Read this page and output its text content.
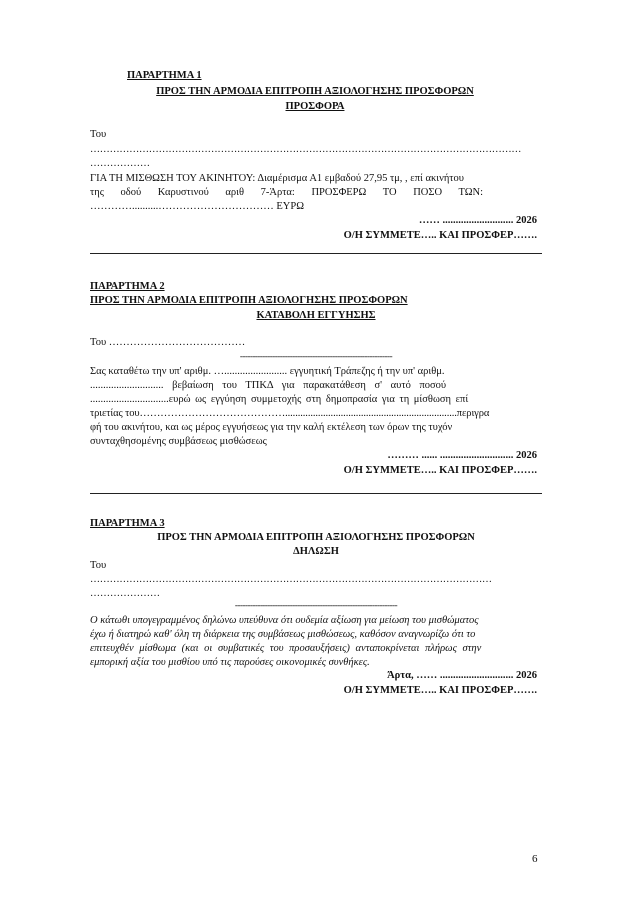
ΠΑΡΑΡΤΗΜΑ 1
ΠΡΟΣ ΤΗΝ ΑΡΜΟΔΙΑ ΕΠΙΤΡΟΠΗ ΑΞΙΟΛΟΓΗΣΗΣ ΠΡΟΣΦΟΡΩΝ
ΠΡΟΣΦΟΡΑ
Του
……………………………………………………………………………………………………………………
………………
ΓΙΑ ΤΗ ΜΙΣΘΩΣΗ ΤΟΥ ΑΚΙΝΗΤΟΥ: Διαμέρισμα Α1 εμβαδού 27,95 τμ, , επί ακινήτου
της οδού Καρυστινού αριθ 7-Άρτα: ΠΡΟΣΦΕΡΩ ΤΟ ΠΟΣΟ ΤΩΝ:
…………..........…………………………… ΕΥΡΩ
…… ........................... 2026
Ο/Η ΣΥΜΜΕΤΕ….. ΚΑΙ ΠΡΟΣΦΕΡ…….
ΠΑΡΑΡΤΗΜΑ 2
ΠΡΟΣ ΤΗΝ ΑΡΜΟΔΙΑ ΕΠΙΤΡΟΠΗ ΑΞΙΟΛΟΓΗΣΗΣ ΠΡΟΣΦΟΡΩΝ
ΚΑΤΑΒΟΛΗ ΕΓΓΥΗΣΗΣ
Του …………………………………
-------------------------------------------------------------
Σας καταθέτω την υπ' αριθμ. …........................ εγγυητική Τράπεζης ή την υπ' αριθμ.
............................ βεβαίωση του ΤΠΚΔ για παρακατάθεση σ' αυτό ποσού
..............................ευρώ ως εγγύηση συμμετοχής στη δημοπρασία για τη μίσθωση επί
τριετίας του……………………………………....................................................................περιγρα
φή του ακινήτου, και ως μέρος εγγυήσεως για την καλή εκτέλεση των όρων της τυχόν
συνταχθησομένης συμβάσεως μισθώσεως
……… ...... ............................ 2026
Ο/Η ΣΥΜΜΕΤΕ….. ΚΑΙ ΠΡΟΣΦΕΡ…….
ΠΑΡΑΡΤΗΜΑ 3
ΠΡΟΣ ΤΗΝ ΑΡΜΟΔΙΑ ΕΠΙΤΡΟΠΗ ΑΞΙΟΛΟΓΗΣΗΣ ΠΡΟΣΦΟΡΩΝ
ΔΗΛΩΣΗ
Του
……………………………………………………………………………………………………………
…………………
-----------------------------------------------------------------
Ο κάτωθι υπογεγραμμένος δηλώνω υπεύθυνα ότι ουδεμία αξίωση για μείωση του μισθώματος
έχω ή διατηρώ καθ' όλη τη διάρκεια της συμβάσεως μισθώσεως, καθόσον αναγνωρίζω ότι το
επιτευχθέν μίσθωμα (και οι συμβατικές του προσαυξήσεις) ανταποκρίνεται πλήρως στην
εμπορική αξία του μισθίου υπό τις παρούσες οικονομικές συνθήκες.
Άρτα, …… ............................ 2026
Ο/Η ΣΥΜΜΕΤΕ….. ΚΑΙ ΠΡΟΣΦΕΡ…….
6
